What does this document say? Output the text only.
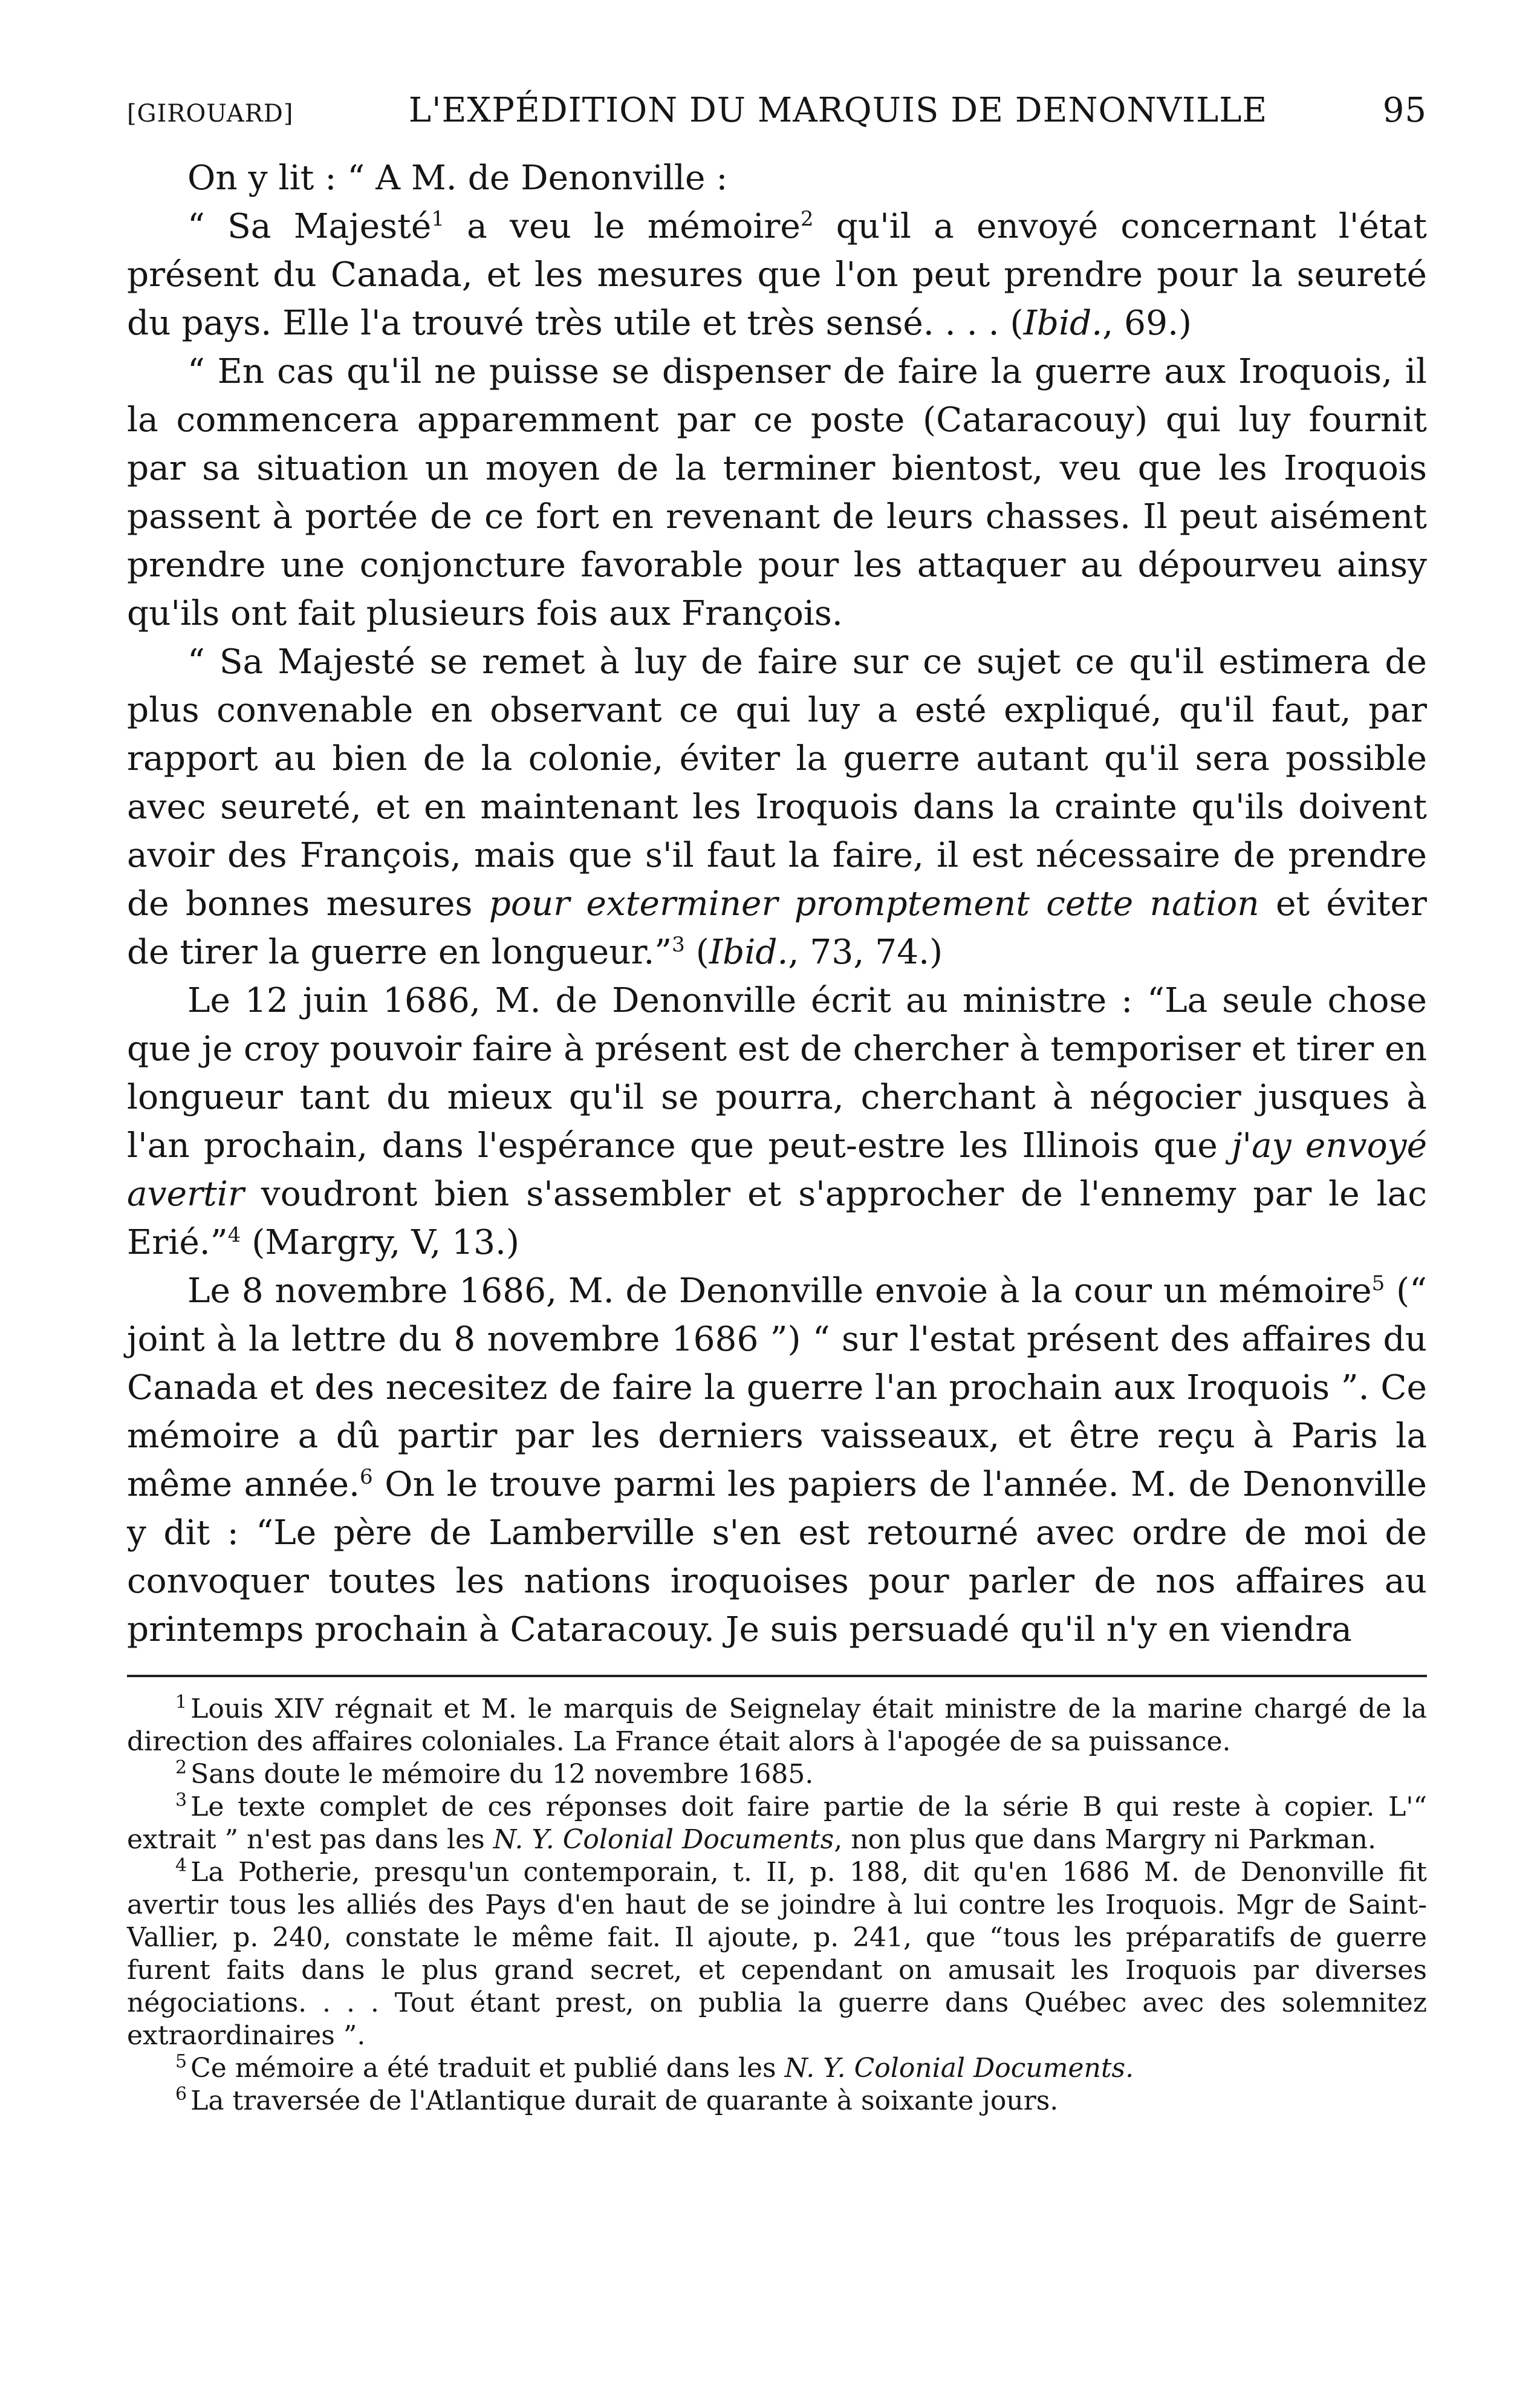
[GIROUARD]	L'EXPÉDITION DU MARQUIS DE DENONVILLE	95

On y lit : “ A M. de Denonville :

“ Sa Majesté$^1$ a veu le mémoire$^2$ qu'il a envoyé concernant l'état présent du Canada, et les mesures que l'on peut prendre pour la seureté du pays. Elle l'a trouvé très utile et très sensé. . . . (Ibid., 69.)

“ En cas qu'il ne puisse se dispenser de faire la guerre aux Iroquois, il la commencera apparemment par ce poste (Cataracouy) qui luy fournit par sa situation un moyen de la terminer bientost, veu que les Iroquois passent à portée de ce fort en revenant de leurs chasses. Il peut aisément prendre une conjoncture favorable pour les attaquer au dépourveu ainsy qu'ils ont fait plusieurs fois aux François.

“ Sa Majesté se remet à luy de faire sur ce sujet ce qu'il estimera de plus convenable en observant ce qui luy a esté expliqué, qu'il faut, par rapport au bien de la colonie, éviter la guerre autant qu'il sera possible avec seureté, et en maintenant les Iroquois dans la crainte qu'ils doivent avoir des François, mais que s'il faut la faire, il est nécessaire de prendre de bonnes mesures pour exterminer promptement cette nation et éviter de tirer la guerre en longueur.”$^3$ (Ibid., 73, 74.)

Le 12 juin 1686, M. de Denonville écrit au ministre : “La seule chose que je croy pouvoir faire à présent est de chercher à temporiser et tirer en longueur tant du mieux qu'il se pourra, cherchant à négocier jusques à l'an prochain, dans l'espérance que peut-estre les Illinois que j'ay envoyé avertir voudront bien s'assembler et s'approcher de l'ennemy par le lac Erié.”$^4$ (Margry, V, 13.)

Le 8 novembre 1686, M. de Denonville envoie à la cour un mémoire$^5$ (“ joint à la lettre du 8 novembre 1686 ”) “ sur l'estat présent des affaires du Canada et des necesitez de faire la guerre l'an prochain aux Iroquois ”. Ce mémoire a dû partir par les derniers vaisseaux, et être reçu à Paris la même année.$^6$ On le trouve parmi les papiers de l'année. M. de Denonville y dit : “Le père de Lamberville s'en est retourné avec ordre de moi de convoquer toutes les nations iroquoises pour parler de nos affaires au printemps prochain à Cataracouy. Je suis persuadé qu'il n'y en viendra

$^1$ Louis XIV régnait et M. le marquis de Seignelay était ministre de la marine chargé de la direction des affaires coloniales. La France était alors à l'apogée de sa puissance.

$^2$ Sans doute le mémoire du 12 novembre 1685.

$^3$ Le texte complet de ces réponses doit faire partie de la série B qui reste à copier. L'“ extrait ” n'est pas dans les N. Y. Colonial Documents, non plus que dans Margry ni Parkman.

$^4$ La Potherie, presqu'un contemporain, t. II, p. 188, dit qu'en 1686 M. de Denonville fit avertir tous les alliés des Pays d'en haut de se joindre à lui contre les Iroquois. Mgr de Saint-Vallier, p. 240, constate le même fait. Il ajoute, p. 241, que “tous les préparatifs de guerre furent faits dans le plus grand secret, et cependant on amusait les Iroquois par diverses négociations. . . . Tout étant prest, on publia la guerre dans Québec avec des solemnitez extraordinaires ”.

$^5$ Ce mémoire a été traduit et publié dans les N. Y. Colonial Documents.

$^6$ La traversée de l'Atlantique durait de quarante à soixante jours.
